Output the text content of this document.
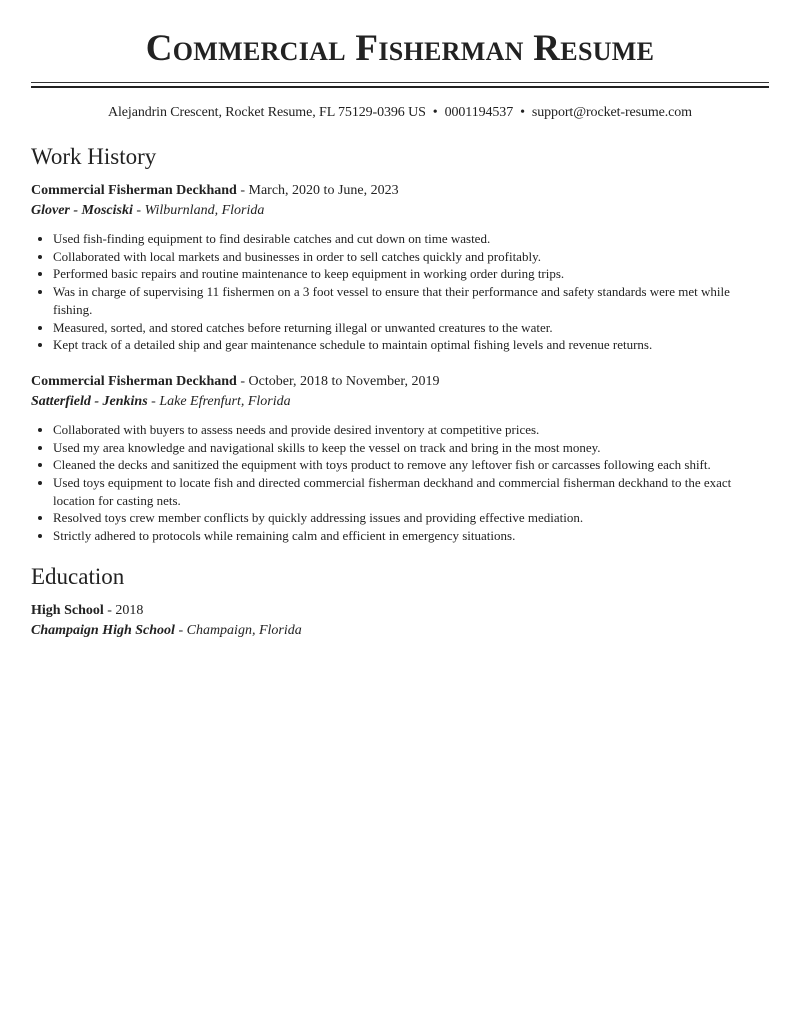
Commercial Fisherman Resume
Alejandrin Crescent, Rocket Resume, FL 75129-0396 US • 0001194537 • support@rocket-resume.com
Work History
Commercial Fisherman Deckhand - March, 2020 to June, 2023
Glover - Mosciski - Wilburnland, Florida
• Used fish-finding equipment to find desirable catches and cut down on time wasted.
• Collaborated with local markets and businesses in order to sell catches quickly and profitably.
• Performed basic repairs and routine maintenance to keep equipment in working order during trips.
• Was in charge of supervising 11 fishermen on a 3 foot vessel to ensure that their performance and safety standards were met while fishing.
• Measured, sorted, and stored catches before returning illegal or unwanted creatures to the water.
• Kept track of a detailed ship and gear maintenance schedule to maintain optimal fishing levels and revenue returns.
Commercial Fisherman Deckhand - October, 2018 to November, 2019
Satterfield - Jenkins - Lake Efrenfurt, Florida
• Collaborated with buyers to assess needs and provide desired inventory at competitive prices.
• Used my area knowledge and navigational skills to keep the vessel on track and bring in the most money.
• Cleaned the decks and sanitized the equipment with toys product to remove any leftover fish or carcasses following each shift.
• Used toys equipment to locate fish and directed commercial fisherman deckhand and commercial fisherman deckhand to the exact location for casting nets.
• Resolved toys crew member conflicts by quickly addressing issues and providing effective mediation.
• Strictly adhered to protocols while remaining calm and efficient in emergency situations.
Education
High School - 2018
Champaign High School - Champaign, Florida
